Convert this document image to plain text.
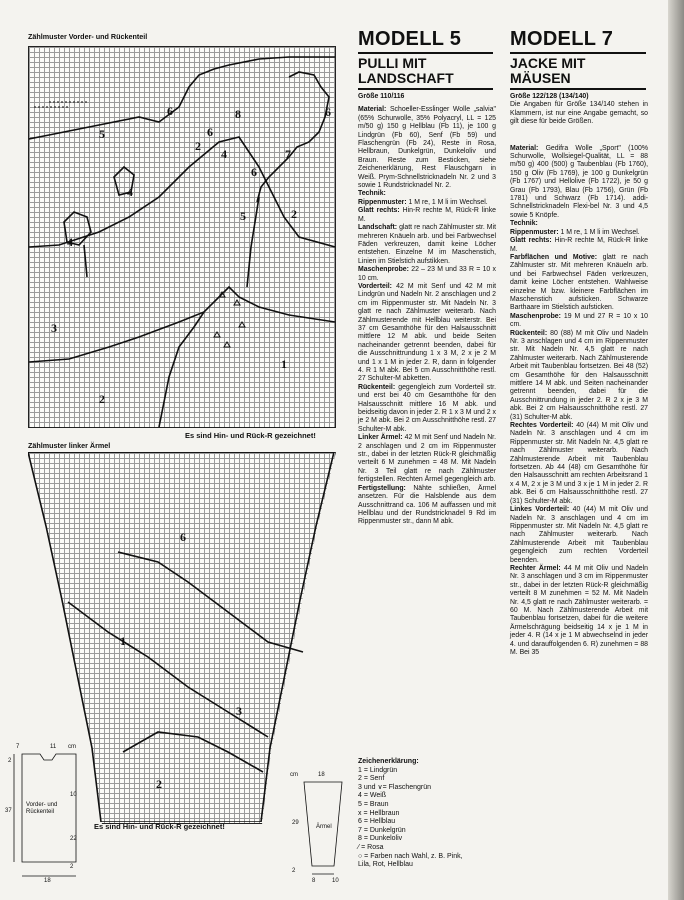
Zählmuster Vorder- und Rückenteil
6	8	6
6
5
2
4	7
6
4
5	2
4
3
1
2
Es sind Hin- und Rück-R gezeichnet!
Zählmuster linker Ärmel
6
1
3
2
Es sind Hin- und Rück-R gezeichnet!
7	11 cm
2
10
37
Vorder- und Rückenteil
22
2
18
cm	18
29
Ärmel
2
8	10
MODELL 5
PULLI MIT LANDSCHAFT
Größe 110/116
Material: Schoeller-Esslinger Wolle „salvia" (65% Schurwolle, 35% Polyacryl, LL = 125 m/50 g) 150 g Hellblau (Fb 11), je 100 g Lindgrün (Fb 60), Senf (Fb 59) und Flaschengrün (Fb 24), Reste in Rosa, Hellbraun, Dunkelgrün, Dunkeloliv und Braun. Reste zum Besticken, siehe Zeichenerklärung, Rest Flauschgarn in Weiß. Prym-Schnellstricknadeln Nr. 2 und 3 sowie 1 Rundstricknadel Nr. 2.
Technik:
Rippenmuster: 1 M re, 1 M li im Wechsel.
Glatt rechts: Hin-R rechte M, Rück-R linke M.
Landschaft: glatt re nach Zählmuster str. Mit mehreren Knäueln arb. und bei Farbwechsel Fäden verkreuzen, damit keine Löcher entstehen. Einzelne M im Maschenstich, Linien im Stielstich aufstikken.
Maschenprobe: 22 – 23 M und 33 R = 10 x 10 cm.
Vorderteil: 42 M mit Senf und 42 M mit Lindgrün und Nadeln Nr. 2 anschlagen und 2 cm im Rippenmuster str. Mit Nadeln Nr. 3 glatt re nach Zählmuster weiterarb. Nach Zählmusterende mit Hellblau weiterstr. Bei 37 cm Gesamthöhe für den Halsausschnitt mittlere 12 M abk. und beide Seiten nacheinander getrennt beenden, dabei für die Ausschnittrundung 1 x 3 M, 2 x je 2 M und 1 x 1 M in jeder 2. R, dann in folgender 4. R 1 M abk. Bei 5 cm Ausschnitthöhe restl. 27 Schulter-M abketten.
Rückenteil: gegengleich zum Vorderteil str. und erst bei 40 cm Gesamthöhe für den Halsausschnitt mittlere 16 M abk. und beidseitig davon in jeder 2. R 1 x 3 M und 2 x je 2 M abk. Bei 2 cm Ausschnitthöhe restl. 27 Schulter-M abk.
Linker Ärmel: 42 M mit Senf und Nadeln Nr. 2 anschlagen und 2 cm im Rippenmuster str., dabei in der letzten Rück-R gleichmäßig verteilt 6 M zunehmen = 48 M. Mit Nadeln Nr. 3 Teil glatt re nach Zählmuster fertigstellen. Rechten Ärmel gegengleich arb.
Fertigstellung: Nähte schließen, Ärmel ansetzen. Für die Halsblende aus dem Ausschnittrand ca. 106 M auffassen und mit Hellblau und der Rundstricknadel 9 Rd im Rippenmuster str., dann M abk.
Zeichenerklärung:
1 = Lindgrün
2 = Senf
3 und ∨= Flaschengrün
4 = Weiß
5 = Braun
x = Hellbraun
6 = Hellblau
7 = Dunkelgrün
8 = Dunkeloliv
⁄ = Rosa
○ = Farben nach Wahl, z. B. Pink,
Lila, Rot, Hellblau
MODELL 7
JACKE MIT MÄUSEN
Größe 122/128 (134/140)
Die Angaben für Größe 134/140 stehen in Klammern, ist nur eine Angabe gemacht, so gilt diese für beide Größen.
Material: Gedifra Wolle „Sport" (100% Schurwolle, Wollsiegel-Qualität, LL = 88 m/50 g) 400 (500) g Taubenblau (Fb 1760), 150 g Oliv (Fb 1769), je 100 g Dunkelgrün (Fb 1767) und Hellolive (Fb 1722), je 50 g Grau (Fb 1793), Blau (Fb 1756), Grün (Fb 1781) und Schwarz (Fb 1714). addi-Schnellstricknadeln Flexi-bel Nr. 3 und 4,5 sowie 5 Knöpfe.
Technik:
Rippenmuster: 1 M re, 1 M li im Wechsel.
Glatt rechts: Hin-R rechte M, Rück-R linke M.
Farbflächen und Motive: glatt re nach Zählmuster str. Mit mehreren Knäueln arb. und bei Farbwechsel Fäden verkreuzen, damit keine Löcher entstehen. Wahlweise einzelne M bzw. kleinere Farbflächen im Maschenstich aufsticken. Schwarze Barthaare im Stielstich aufsticken.
Maschenprobe: 19 M und 27 R = 10 x 10 cm.
Rückenteil: 80 (88) M mit Oliv und Nadeln Nr. 3 anschlagen und 4 cm im Rippenmuster str. Mit Nadeln Nr. 4,5 glatt re nach Zählmuster weiterarb. Nach Zählmusterende Arbeit mit Taubenblau fortsetzen. Bei 48 (52) cm Gesamthöhe für den Halsausschnitt mittlere 14 M abk. und Seiten nacheinander getrennt beenden, dabei für die Ausschnittrundung in jeder 2. R 2 x je 3 M abk. Bei 2 cm Halsausschnitthöhe restl. 27 (31) Schulter-M abk.
Rechtes Vorderteil: 40 (44) M mit Oliv und Nadeln Nr. 3 anschlagen und 4 cm im Rippenmuster str. Mit Nadeln Nr. 4,5 glatt re nach Zählmuster weiterarb. Nach Zählmusterende Arbeit mit Taubenblau fortsetzen. Ab 44 (48) cm Gesamthöhe für den Halsausschnitt am rechten Arbeitsrand 1 x 4 M, 2 x je 3 M und 3 x je 1 M in jeder 2. R abk. Bei 6 cm Halsausschnitthöhe restl. 27 (31) Schulter-M abk.
Linkes Vorderteil: 40 (44) M mit Oliv und Nadeln Nr. 3 anschlagen und 4 cm im Rippenmuster str. Mit Nadeln Nr. 4,5 glatt re nach Zählmuster weiterarb. Nach Zählmusterende Arbeit mit Taubenblau gegengleich zum rechten Vorderteil beenden.
Rechter Ärmel: 44 M mit Oliv und Nadeln Nr. 3 anschlagen und 3 cm im Rippenmuster str., dabei in der letzten Rück-R gleichmäßig verteilt 8 M zunehmen = 52 M. Mit Nadeln Nr. 4,5 glatt re nach Zählmuster weiterarb. = 60 M. Nach Zählmusterende Arbeit mit Taubenblau fortsetzen, dabei für die weitere Ärmelschrägung beidseitig 14 x je 1 M in jeder 4. R (14 x je 1 M abwechselnd in jeder 4. und darauffolgenden 6. R) zunehmen = 88 M. Bei 35
